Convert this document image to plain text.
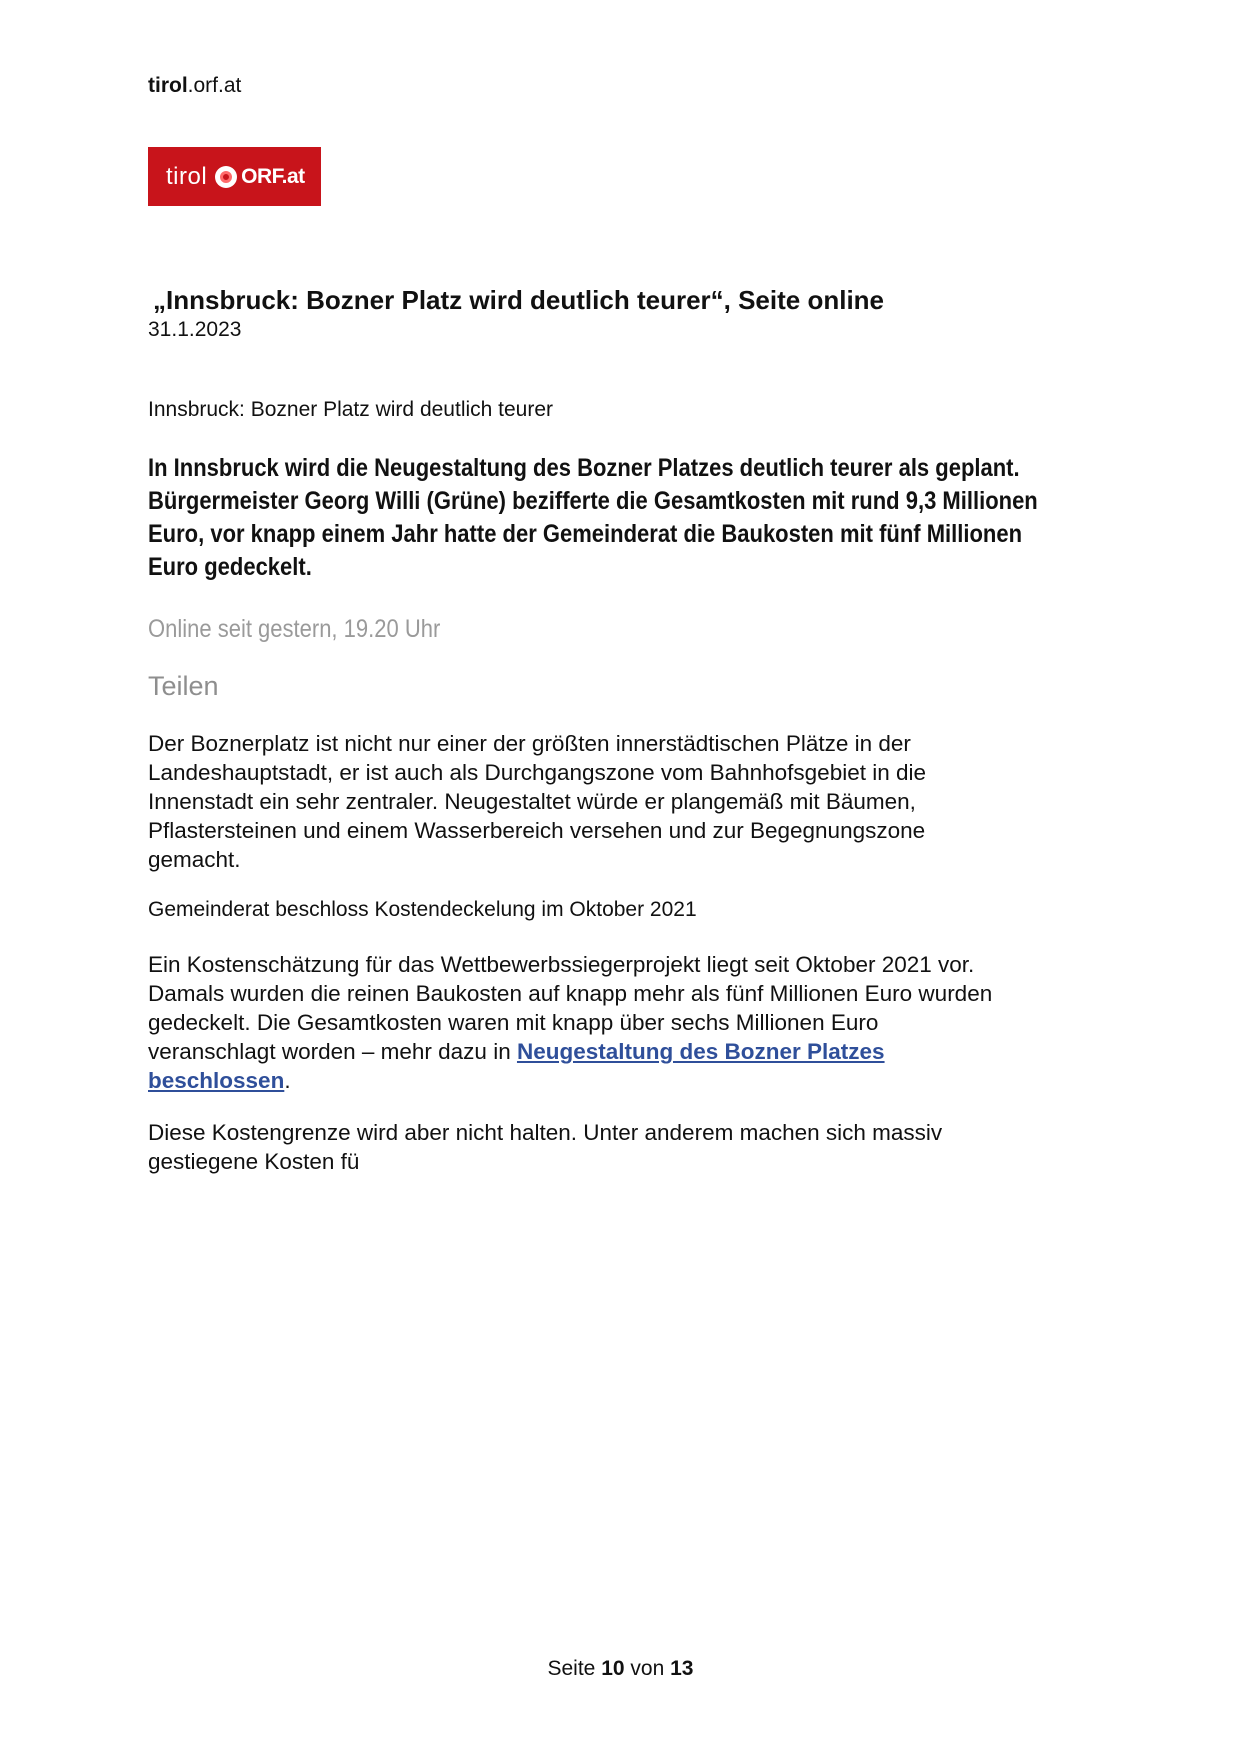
tirol.orf.at
tirol ORF.at
„Innsbruck: Bozner Platz wird deutlich teurer“, Seite online
31.1.2023
Innsbruck: Bozner Platz wird deutlich teurer
In Innsbruck wird die Neugestaltung des Bozner Platzes deutlich teurer als geplant.
Bürgermeister Georg Willi (Grüne) bezifferte die Gesamtkosten mit rund 9,3 Millionen
Euro, vor knapp einem Jahr hatte der Gemeinderat die Baukosten mit fünf Millionen
Euro gedeckelt.
Online seit gestern, 19.20 Uhr
Teilen
Der Boznerplatz ist nicht nur einer der größten innerstädtischen Plätze in der
Landeshauptstadt, er ist auch als Durchgangszone vom Bahnhofsgebiet in die
Innenstadt ein sehr zentraler. Neugestaltet würde er plangemäß mit Bäumen,
Pflastersteinen und einem Wasserbereich versehen und zur Begegnungszone
gemacht.
Gemeinderat beschloss Kostendeckelung im Oktober 2021
Ein Kostenschätzung für das Wettbewerbssiegerprojekt liegt seit Oktober 2021 vor.
Damals wurden die reinen Baukosten auf knapp mehr als fünf Millionen Euro wurden
gedeckelt. Die Gesamtkosten waren mit knapp über sechs Millionen Euro
veranschlagt worden – mehr dazu in Neugestaltung des Bozner Platzes
beschlossen.
Diese Kostengrenze wird aber nicht halten. Unter anderem machen sich massiv
gestiegene Kosten fü
Seite 10 von 13
